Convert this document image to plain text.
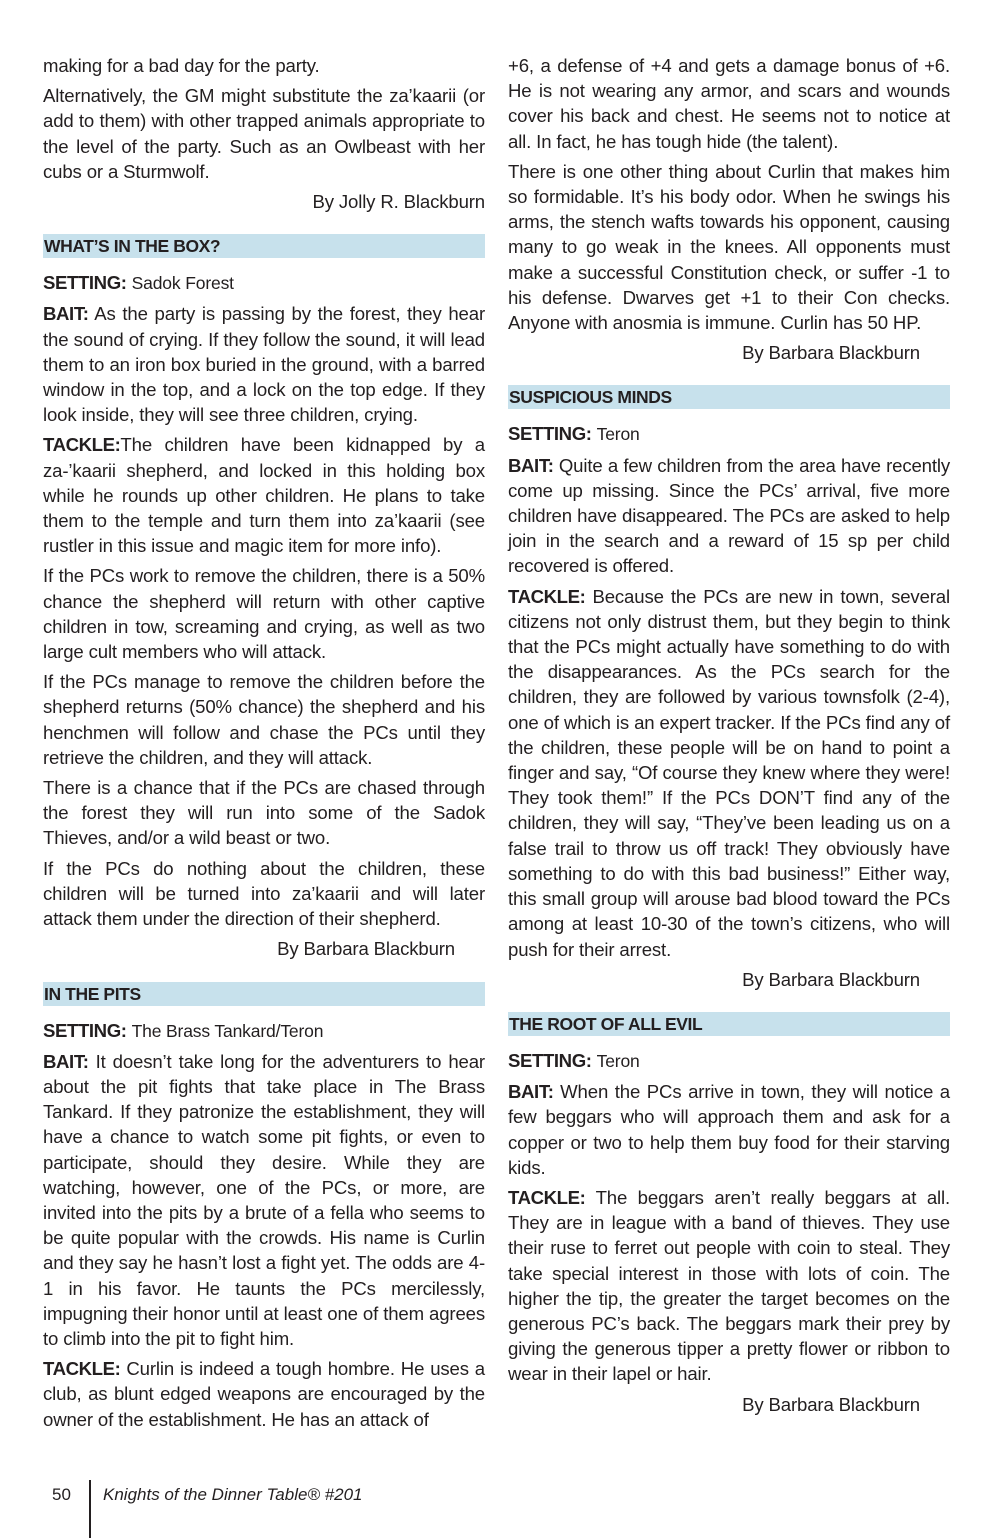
making for a bad day for the party.

Alternatively, the GM might substitute the za’kaarii (or add to them) with other trapped animals appropriate to the level of the party. Such as an Owlbeast with her cubs or a Sturmwolf.

By Jolly R. Blackburn

WHAT’S IN THE BOX?

SETTING: Sadok Forest

BAIT: As the party is passing by the forest, they hear the sound of crying. If they follow the sound, it will lead them to an iron box buried in the ground, with a barred window in the top, and a lock on the top edge. If they look inside, they will see three children, crying.

TACKLE:The children have been kidnapped by a za-’kaarii shepherd, and locked in this holding box while he rounds up other children. He plans to take them to the temple and turn them into za’kaarii (see rustler in this issue and magic item for more info).

If the PCs work to remove the children, there is a 50% chance the shepherd will return with other captive children in tow, screaming and crying, as well as two large cult members who will attack.

If the PCs manage to remove the children before the shepherd returns (50% chance) the shepherd and his henchmen will follow and chase the PCs until they retrieve the children, and they will attack.

There is a chance that if the PCs are chased through the forest they will run into some of the Sadok Thieves, and/or a wild beast or two.

If the PCs do nothing about the children, these children will be turned into za’kaarii and will later attack them under the direction of their shepherd.

By Barbara Blackburn

IN THE PITS

SETTING: The Brass Tankard/Teron

BAIT: It doesn’t take long for the adventurers to hear about the pit fights that take place in The Brass Tankard. If they patronize the establishment, they will have a chance to watch some pit fights, or even to participate, should they desire. While they are watching, however, one of the PCs, or more, are invited into the pits by a brute of a fella who seems to be quite popular with the crowds. His name is Curlin and they say he hasn’t lost a fight yet. The odds are 4-1 in his favor. He taunts the PCs mercilessly, impugning their honor until at least one of them agrees to climb into the pit to fight him.

TACKLE: Curlin is indeed a tough hombre. He uses a club, as blunt edged weapons are encouraged by the owner of the establishment. He has an attack of

+6, a defense of +4 and gets a damage bonus of +6. He is not wearing any armor, and scars and wounds cover his back and chest. He seems not to notice at all. In fact, he has tough hide (the talent).

There is one other thing about Curlin that makes him so formidable. It’s his body odor. When he swings his arms, the stench wafts towards his opponent, causing many to go weak in the knees. All opponents must make a successful Constitution check, or suffer -1 to his defense. Dwarves get +1 to their Con checks. Anyone with anosmia is immune. Curlin has 50 HP.

By Barbara Blackburn

SUSPICIOUS MINDS

SETTING: Teron

BAIT: Quite a few children from the area have recently come up missing. Since the PCs’ arrival, five more children have disappeared. The PCs are asked to help join in the search and a reward of 15 sp per child recovered is offered.

TACKLE: Because the PCs are new in town, several citizens not only distrust them, but they begin to think that the PCs might actually have something to do with the disappearances. As the PCs search for the children, they are followed by various townsfolk (2-4), one of which is an expert tracker. If the PCs find any of the children, these people will be on hand to point a finger and say, “Of course they knew where they were! They took them!” If the PCs DON’T find any of the children, they will say, “They’ve been leading us on a false trail to throw us off track! They obviously have something to do with this bad business!” Either way, this small group will arouse bad blood toward the PCs among at least 10-30 of the town’s citizens, who will push for their arrest.

By Barbara Blackburn

THE ROOT OF ALL EVIL

SETTING: Teron

BAIT: When the PCs arrive in town, they will notice a few beggars who will approach them and ask for a copper or two to help them buy food for their starving kids.

TACKLE: The beggars aren’t really beggars at all. They are in league with a band of thieves. They use their ruse to ferret out people with coin to steal. They take special interest in those with lots of coin. The higher the tip, the greater the target becomes on the generous PC’s back. The beggars mark their prey by giving the generous tipper a pretty flower or ribbon to wear in their lapel or hair.

By Barbara Blackburn

50 Knights of the Dinner Table® #201
